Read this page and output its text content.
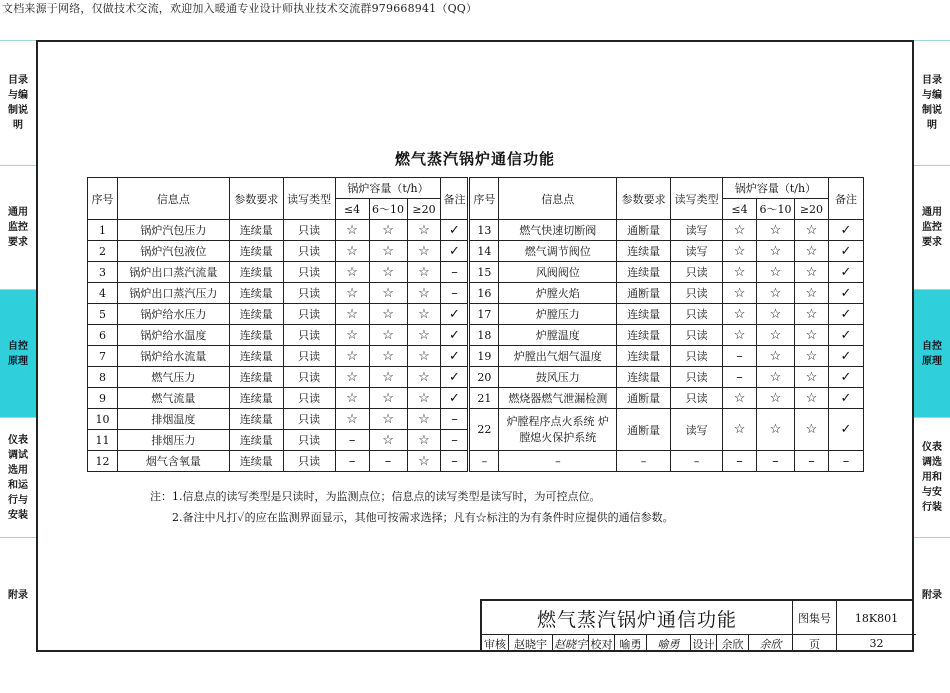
文档来源于网络，仅做技术交流，欢迎加入暖通专业设计师执业技术交流群979668941（QQ）
目录与编制说明
通用监控要求
自控原理
仪表调试选用和运行与安装
附录
目录与编制说明
通用监控要求
自控原理
仪表调选用和与安行装
附录
燃气蒸汽锅炉通信功能
序号	信息点	参数要求	读写类型	锅炉容量（t/h）			备注	序号	信息点	参数要求	读写类型	锅炉容量（t/h）			备注
				≤4	6～10	≥20						≤4	6～10	≥20	
1	锅炉汽包压力	连续量	只读	☆	☆	☆	✓	13	燃气快速切断阀	通断量	读写	☆	☆	☆	✓
2	锅炉汽包液位	连续量	只读	☆	☆	☆	✓	14	燃气调节阀位	连续量	读写	☆	☆	☆	✓
3	锅炉出口蒸汽流量	连续量	只读	☆	☆	☆	–	15	风阀阀位	连续量	只读	☆	☆	☆	✓
4	锅炉出口蒸汽压力	连续量	只读	☆	☆	☆	–	16	炉膛火焰	通断量	只读	☆	☆	☆	✓
5	锅炉给水压力	连续量	只读	☆	☆	☆	✓	17	炉膛压力	连续量	只读	☆	☆	☆	✓
6	锅炉给水温度	连续量	只读	☆	☆	☆	✓	18	炉膛温度	连续量	只读	☆	☆	☆	✓
7	锅炉给水流量	连续量	只读	☆	☆	☆	✓	19	炉膛出气烟气温度	连续量	只读	–	☆	☆	✓
8	燃气压力	连续量	只读	☆	☆	☆	✓	20	鼓风压力	连续量	只读	–	☆	☆	✓
9	燃气流量	连续量	只读	☆	☆	☆	✓	21	燃烧器燃气泄漏检测	通断量	只读	☆	☆	☆	✓
10	排烟温度	连续量	只读	☆	☆	☆	–	22	炉膛程序点火系统 炉膛熄火保护系统	通断量	读写	☆	☆	☆	✓
11	排烟压力	连续量	只读	–	☆	☆	–								
12	烟气含氧量	连续量	只读	–	–	☆	–	–	–	–	–	–	–	–	–
注： 1.信息点的读写类型是只读时，为监测点位；信息点的读写类型是读写时，为可控点位。
2.备注中凡打✓的应在监测界面显示，其他可按需求选择；凡有☆标注的为有条件时应提供的通信参数。
燃气蒸汽锅炉通信功能	图集号	18K801
审核 赵晓宇 赵晓宇 校对 喻勇	喻勇	设计 余欣	余欣	页	32
